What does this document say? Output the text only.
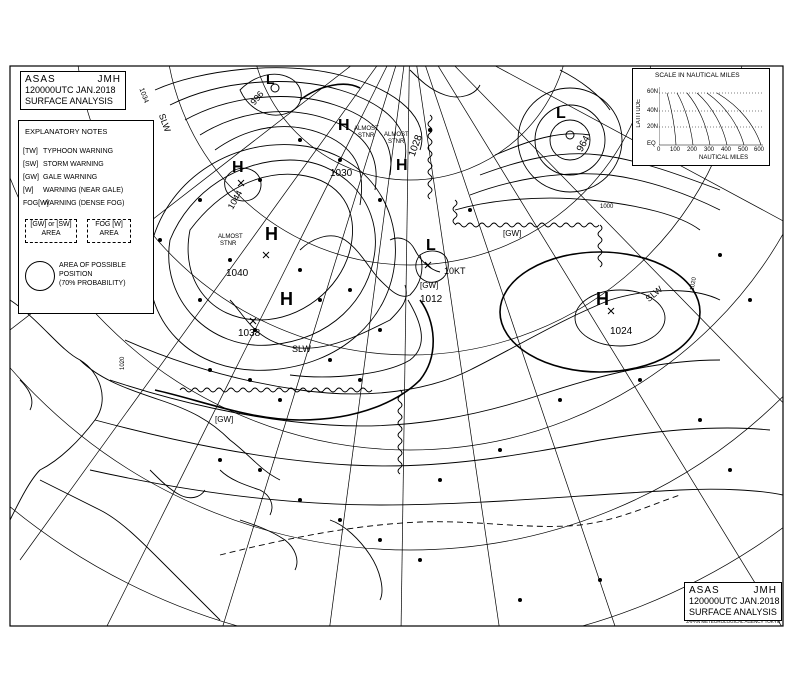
H
1040
H
1044
H
1038
H
1030	H
1028
H
1024
L
1012
L
964
L
996
SLW
SLW
SLW
10KT
[GW]
[GW]
[GW]
ALMOST
STNR ALMOST
STNR
ALMOST
STNR
1000
1020
1020
1034
ASAS	JMH
120000UTC JAN.2018
SURFACE ANALYSIS
EXPLANATORY NOTES
[TW] TYPHOON WARNING
[SW] STORM WARNING
[GW] GALE WARNING
[W] WARNING (NEAR GALE)
FOG[W]WARNING (DENSE FOG)
[GW] or [SW]
AREA
FOG [W]
AREA
AREA OF POSSIBLE
POSITION
(70% PROBABILITY)
SCALE IN NAUTICAL MILES
LATITUDE
60N
40N
20N
EQ
0 100 200 300 400 500 600
NAUTICAL MILES
ASAS	JMH
120000UTC JAN.2018
SURFACE ANALYSIS
JAPAN METEOROLOGICAL AGENCY TOKYO
